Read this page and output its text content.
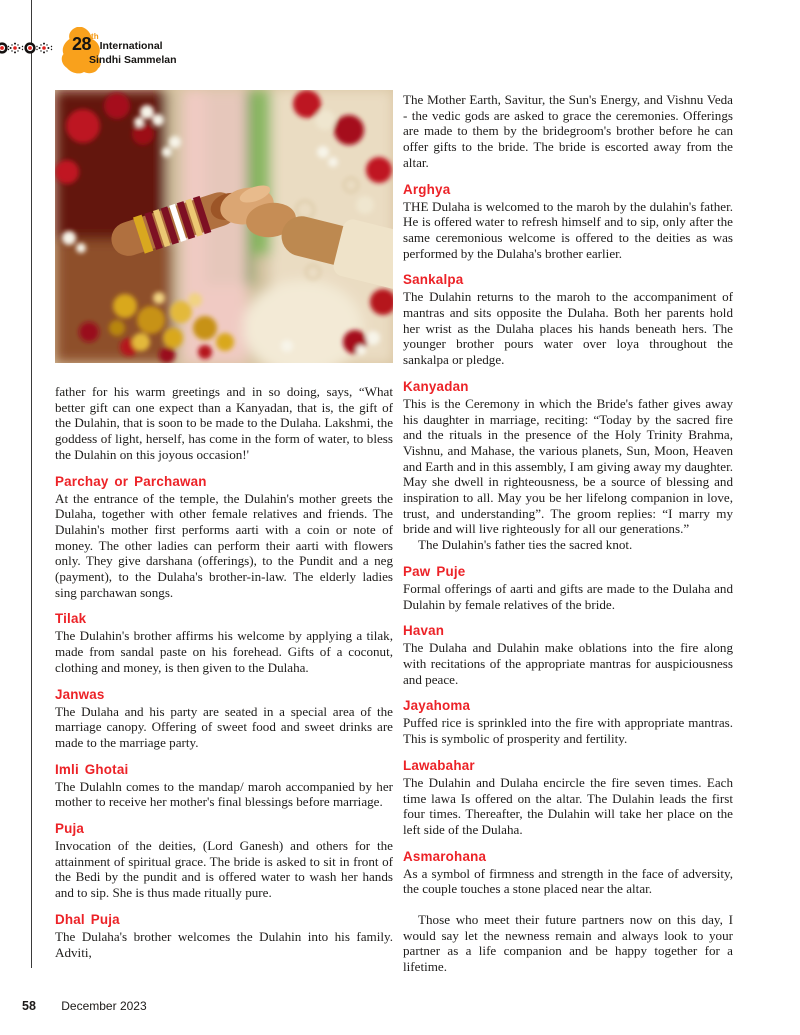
28thInternational
Sindhi Sammelan

father for his warm greetings and in so doing, says, “What better gift can one expect than a Kanyadan, that is, the gift of the Dulahin, that is soon to be made to the Dulaha. Lakshmi, the goddess of light, herself, has come in the form of water, to bless the Dulahin on this joyous occasion!'

Parchay or Parchawan

At the entrance of the temple, the Dulahin's mother greets the Dulaha, together with other female relatives and friends. The Dulahin's mother first performs aarti with a coin or note of money. The other ladies can perform their aarti with flowers only. They give darshana (offerings), to the Pundit and a neg (payment), to the Dulaha's brother-in-law. The elderly ladies sing parchawan songs.

Tilak

The Dulahin's brother affirms his welcome by applying a tilak, made from sandal paste on his forehead. Gifts of a coconut, clothing and money, is then given to the Dulaha.

Janwas

The Dulaha and his party are seated in a special area of the marriage canopy. Offering of sweet food and sweet drinks are made to the marriage party.

Imli Ghotai

The Dulahln comes to the mandap/ maroh accompanied by her mother to receive her mother's final blessings before marriage.

Puja

Invocation of the deities, (Lord Ganesh) and others for the attainment of spiritual grace. The bride is asked to sit in front of the Bedi by the pundit and is offered water to wash her hands and to sip. She is thus made ritually pure.

Dhal Puja

The Dulaha's brother welcomes the Dulahin into his family. Adviti,

The Mother Earth, Savitur, the Sun's Energy, and Vishnu Veda - the vedic gods are asked to grace the ceremonies. Offerings are made to them by the bridegroom's brother before he can offer gifts to the bride. The bride is escorted away from the altar.

Arghya

THE Dulaha is welcomed to the maroh by the dulahin's father. He is offered water to refresh himself and to sip, only after the same ceremonious welcome is offered to the deities as was performed by the Dulaha's brother earlier.

Sankalpa

The Dulahin returns to the maroh to the accompaniment of mantras and sits opposite the Dulaha. Both her parents hold her wrist as the Dulaha places his hands beneath hers. The younger brother pours water over loya throughout the sankalpa or pledge.

Kanyadan

This is the Ceremony in which the Bride's father gives away his daughter in marriage, reciting: “Today by the sacred fire and the rituals in the presence of the Holy Trinity Brahma, Vishnu, and Mahase, the various planets, Sun, Moon, Heaven and Earth and in this assembly, I am giving away my daughter. May she dwell in righteousness, be a source of blessing and inspiration to all. May you be her lifelong companion in love, trust, and understanding”. The groom replies: “I marry my bride and will live righteously for all our generations.”

The Dulahin's father ties the sacred knot.

Paw Puje

Formal offerings of aarti and gifts are made to the Dulaha and Dulahin by female relatives of the bride.

Havan

The Dulaha and Dulahin make oblations into the fire along with recitations of the appropriate mantras for auspiciousness and peace.

Jayahoma

Puffed rice is sprinkled into the fire with appropriate mantras. This is symbolic of prosperity and fertility.

Lawabahar

The Dulahin and Dulaha encircle the fire seven times. Each time lawa Is offered on the altar. The Dulahin leads the first four times. Thereafter, the Dulahin will take her place on the left side of the Dulaha.

Asmarohana

As a symbol of firmness and strength in the face of adversity, the couple touches a stone placed near the altar.

Those who meet their future partners now on this day, I would say let the newness remain and always look to your partner as a life companion and be happy together for a lifetime.

58 December 2023
